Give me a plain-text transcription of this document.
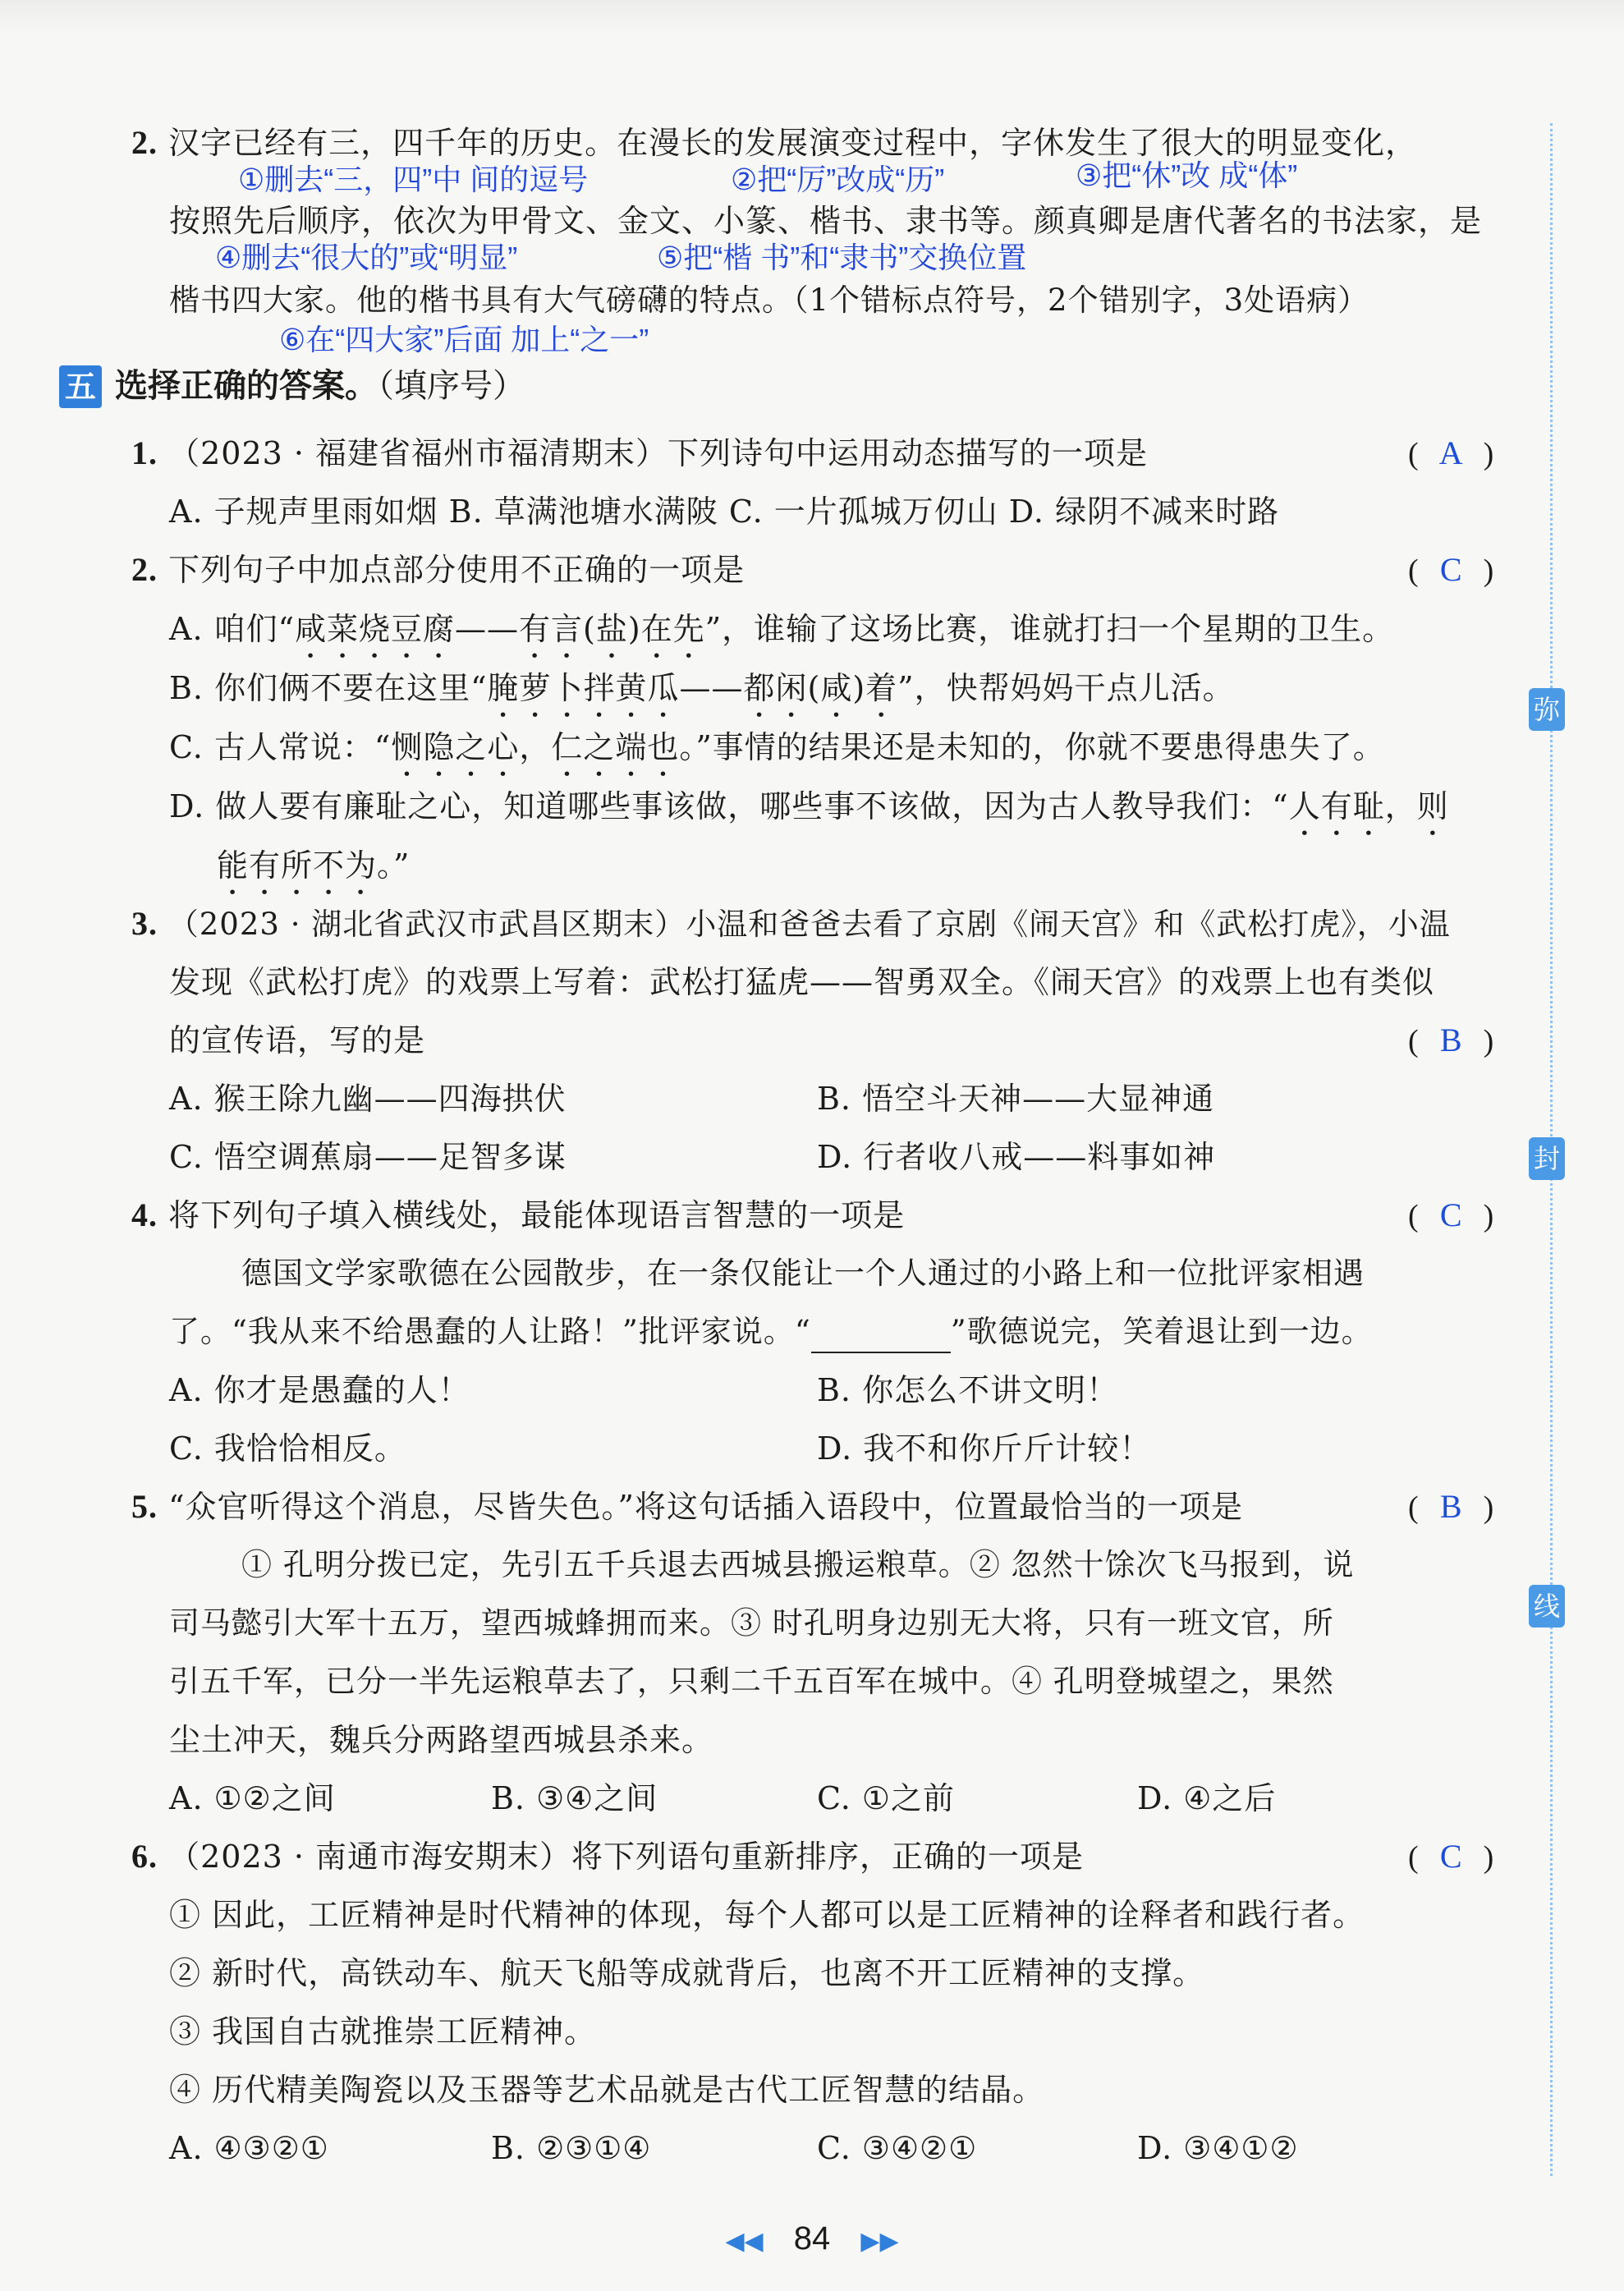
2. 汉字已经有三，四千年的历史。在漫长的发展演变过程中，字休发生了很大的明显变化，
①删去“三，四”中 间的逗号	②把“厉”改成“历”	③把“休”改 成“体”
按照先后顺序，依次为甲骨文、金文、小篆、楷书、隶书等。颜真卿是唐代著名的书法家，是
④删去“很大的”或“明显”	⑤把“楷 书”和“隶书”交换位置
楷书四大家。他的楷书具有大气磅礴的特点。（1个错标点符号，2个错别字，3处语病）
⑥在“四大家”后面 加上“之一”
五 选择正确的答案。（填序号）
1. （2023 · 福建省福州市福清期末）下列诗句中运用动态描写的一项是	( A )
A. 子规声里雨如烟 B. 草满池塘水满陂 C. 一片孤城万仞山 D. 绿阴不减来时路
2. 下列句子中加点部分使用不正确的一项是	( C )
A. 咱们“咸菜烧豆腐——有言(盐)在先”，谁输了这场比赛，谁就打扫一个星期的卫生。
B. 你们俩不要在这里“腌萝卜拌黄瓜——都闲(咸)着”，快帮妈妈干点儿活。
C. 古人常说：“恻隐之心，仁之端也。”事情的结果还是未知的，你就不要患得患失了。
D. 做人要有廉耻之心，知道哪些事该做，哪些事不该做，因为古人教导我们：“人有耻，则
能有所不为。”
3. （2023 · 湖北省武汉市武昌区期末）小温和爸爸去看了京剧《闹天宫》和《武松打虎》，小温
发现《武松打虎》的戏票上写着：武松打猛虎——智勇双全。《闹天宫》的戏票上也有类似
的宣传语，写的是	( B )
A. 猴王除九幽——四海拱伏	B. 悟空斗天神——大显神通
C. 悟空调蕉扇——足智多谋	D. 行者收八戒——料事如神
4. 将下列句子填入横线处，最能体现语言智慧的一项是	( C )
德国文学家歌德在公园散步，在一条仅能让一个人通过的小路上和一位批评家相遇
了。“我从来不给愚蠢的人让路！”批评家说。“	”歌德说完，笑着退让到一边。
A. 你才是愚蠢的人！	B. 你怎么不讲文明！
C. 我恰恰相反。	D. 我不和你斤斤计较！
5. “众官听得这个消息，尽皆失色。”将这句话插入语段中，位置最恰当的一项是	( B )
① 孔明分拨已定，先引五千兵退去西城县搬运粮草。② 忽然十馀次飞马报到，说
司马懿引大军十五万，望西城蜂拥而来。③ 时孔明身边别无大将，只有一班文官，所
引五千军，已分一半先运粮草去了，只剩二千五百军在城中。④ 孔明登城望之，果然
尘土冲天，魏兵分两路望西城县杀来。
A. ①②之间	B. ③④之间	C. ①之前	D. ④之后
6. （2023 · 南通市海安期末）将下列语句重新排序，正确的一项是	( C )
① 因此，工匠精神是时代精神的体现，每个人都可以是工匠精神的诠释者和践行者。
② 新时代，高铁动车、航天飞船等成就背后，也离不开工匠精神的支撑。
③ 我国自古就推崇工匠精神。
④ 历代精美陶瓷以及玉器等艺术品就是古代工匠智慧的结晶。
A. ④③②①	B. ②③①④	C. ③④②①	D. ③④①②
弥
封
线
◀◀ 84 ▶▶
